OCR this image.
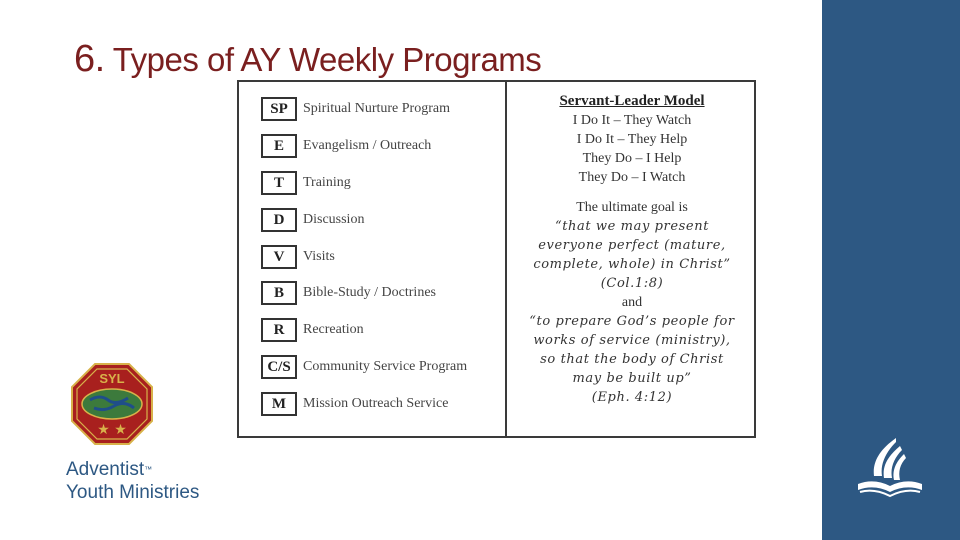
6. Types of AY Weekly Programs
SP	Spiritual Nurture Program
E	Evangelism / Outreach
T	Training
D	Discussion
V	Visits
B	Bible-Study / Doctrines
R	Recreation
C/S Community Service Program
M	Mission Outreach Service
Servant-Leader Model
I Do It – They Watch
I Do It – They Help
They Do – I Help
They Do – I Watch
The ultimate goal is
“that we may present
everyone perfect (mature,
complete, whole) in Christ”
(Col.1:8)
and
“to prepare God’s people for
works of service (ministry),
so that the body of Christ
may be built up”
(Eph. 4:12)
SYL
★ ★
Adventist™
Youth Ministries
